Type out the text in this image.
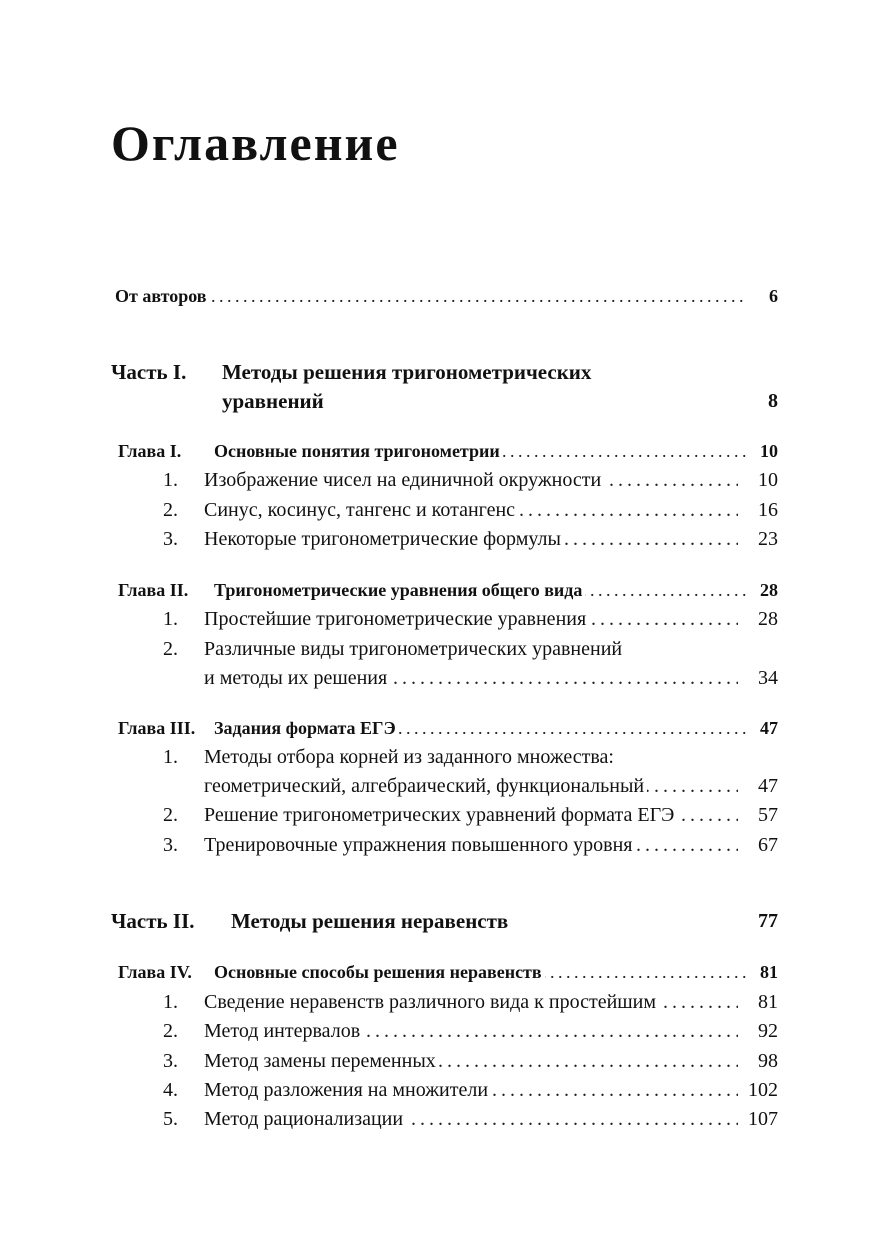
Оглавление
От авторов . . .	6
Часть I. Методы решения тригонометрических
уравнений	8
Глава I. Основные понятия тригонометрии . . .	10
1. Изображение чисел на единичной окружности . . .	10
2. Синус, косинус, тангенс и котангенс . . .	16
3. Некоторые тригонометрические формулы . . .	23
Глава II. Тригонометрические уравнения общего вида . . .	28
1. Простейшие тригонометрические уравнения . . .	28
2. Различные виды тригонометрических уравнений
и методы их решения . . .	34
Глава III. Задания формата ЕГЭ . . .	47
1. Методы отбора корней из заданного множества:
геометрический, алгебраический, функциональный . . .	47
2. Решение тригонометрических уравнений формата ЕГЭ . . .	57
3. Тренировочные упражнения повышенного уровня . . .	67
Часть II. Методы решения неравенств	77
Глава IV. Основные способы решения неравенств . . .	81
1. Сведение неравенств различного вида к простейшим . . .	81
2. Метод интервалов . . .	92
3. Метод замены переменных . . .	98
4. Метод разложения на множители . . .	102
5. Метод рационализации . . .	107
